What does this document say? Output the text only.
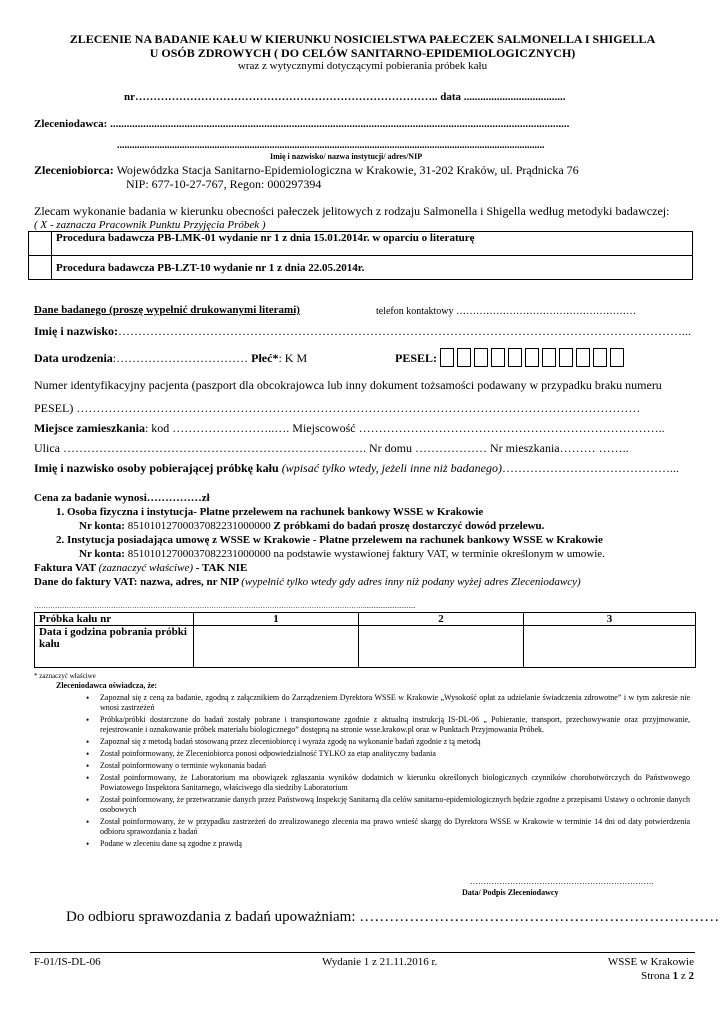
ZLECENIE NA BADANIE KAŁU W KIERUNKU NOSICIELSTWA PAŁECZEK SALMONELLA I SHIGELLA
U OSÓB ZDROWYCH ( DO CELÓW SANITARNO-EPIDEMIOLOGICZNYCH)
wraz z wytycznymi dotyczącymi pobierania próbek kału
nr……………………………………………………………………….. data .....................................
Zleceniodawca: .......................................................................................................................................................................
...........................................................................................................................................................................
Imię i nazwisko/ nazwa instytucji/ adres/NIP
Zleceniobiorca: Wojewódzka Stacja Sanitarno-Epidemiologiczna w Krakowie, 31-202 Kraków, ul. Prądnicka 76
NIP: 677-10-27-767, Regon: 000297394
Zlecam wykonanie badania w kierunku obecności pałeczek jelitowych z rodzaju Salmonella i Shigella według metodyki badawczej:
( X - zaznacza Pracownik Punktu Przyjęcia Próbek )
	Procedura badawcza PB-LMK-01 wydanie nr 1 z dnia 15.01.2014r. w oparciu o literaturę
	Procedura badawcza PB-LZT-10 wydanie nr 1 z dnia 22.05.2014r.
Dane badanego (proszę wypełnić drukowanymi literami)	telefon kontaktowy ………………………………………………
Imię i nazwisko:……………………………………………………………………………………………………………………………...
Data urodzenia:…………………………… Płeć*: K M	PESEL:
Numer identyfikacyjny pacjenta (paszport dla obcokrajowca lub inny dokument tożsamości podawany w przypadku braku numeru
PESEL) ……………………………………………………………………………………………………………………………
Miejsce zamieszkania: kod ……………………..…. Miejscowość …………………………………………………………………..
Ulica …………………………………………………………………. Nr domu ……………… Nr mieszkania……… ……..
Imię i nazwisko osoby pobierającej próbkę kału (wpisać tylko wtedy, jeżeli inne niż badanego)……………………………………...
Cena za badanie wynosi……………zł
1. Osoba fizyczna i instytucja- Płatne przelewem na rachunek bankowy WSSE w Krakowie
Nr konta: 85101012700037082231000000 Z próbkami do badań proszę dostarczyć dowód przelewu.
2. Instytucja posiadająca umowę z WSSE w Krakowie - Płatne przelewem na rachunek bankowy WSSE w Krakowie
Nr konta: 85101012700037082231000000 na podstawie wystawionej faktury VAT, w terminie określonym w umowie.
Faktura VAT (zaznaczyć właściwe) - TAK NIE
Dane do faktury VAT: nazwa, adres, nr NIP (wypełnić tylko wtedy gdy adres inny niż podany wyżej adres Zleceniodawcy)
……………………………………………………………………………………………………………………………..............................
Próbka kału nr	1	2	3
Data i godzina pobrania próbki kału			
* zaznaczyć właściwe
Zleceniodawca oświadcza, że:
• Zapoznał się z ceną za badanie, zgodną z załącznikiem do Zarządzeniem Dyrektora WSSE w Krakowie „Wysokość opłat za udzielanie świadczenia zdrowotne” i w tym zakresie nie wnosi zastrzeżeń
• Próbka/próbki dostarczone do badań zostały pobrane i transportowane zgodnie z aktualną instrukcją IS-DL-06 „ Pobieranie, transport, przechowywanie oraz przyjmowanie, rejestrowanie i oznakowanie próbek materiału biologicznego” dostępną na stronie wsse.krakow.pl oraz w Punktach Przyjmowania Próbek.
• Zapoznał się z metodą badań stosowaną przez zleceniobiorcę i wyraża zgodę na wykonanie badań zgodnie z tą metodą
• Został poinformowany, że Zleceniobiorca ponosi odpowiedzialność TYLKO za etap analityczny badania
• Został poinformowany o terminie wykonania badań
• Został poinformowany, że Laboratorium ma obowiązek zgłaszania wyników dodatnich w kierunku określonych biologicznych czynników chorobotwórczych do Państwowego Powiatowego Inspektora Sanitarnego, właściwego dla siedziby Laboratorium
• Został poinformowany, że przetwarzanie danych przez Państwową Inspekcję Sanitarną dla celów sanitarno-epidemiologicznych będzie zgodne z przepisami Ustawy o ochronie danych osobowych
• Został poinformowany, że w przypadku zastrzeżeń do zrealizowanego zlecenia ma prawo wnieść skargę do Dyrektora WSSE w Krakowie w terminie 14 dni od daty potwierdzenia odbioru sprawozdania z badań
• Podane w zleceniu dane są zgodne z prawdą
……………………………………………………………
Data/ Podpis Zleceniodawcy
Do odbioru sprawozdania z badań upoważniam: ………………………………………………………………
F-01/IS-DL-06	Wydanie 1 z 21.11.2016 r.	WSSE w Krakowie
Strona 1 z 2
